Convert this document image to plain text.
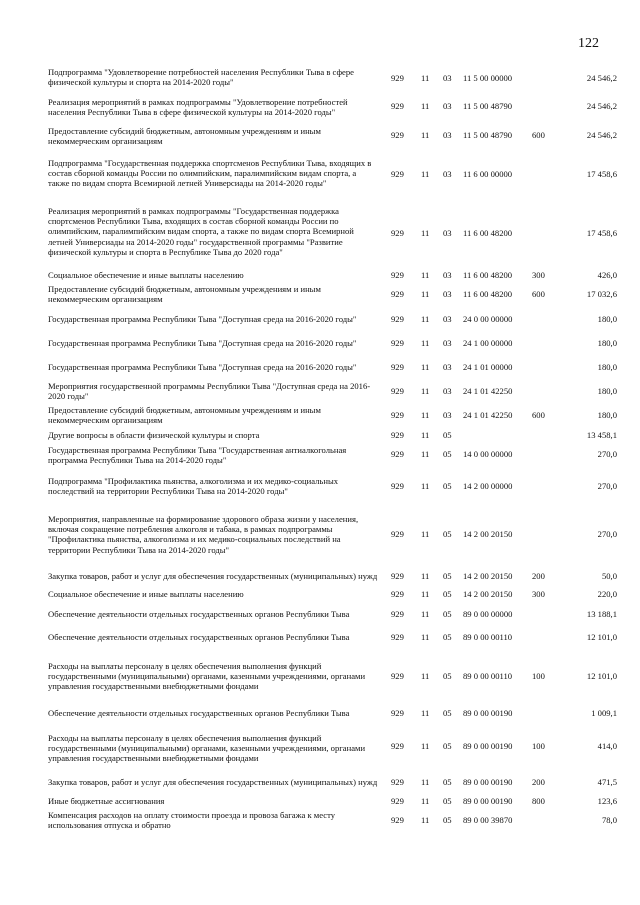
122
Подпрограмма "Удовлетворение потребностей населения Республики Тыва в сфере физической культуры и спорта на 2014-2020 годы"	929	11	03	11 5 00 00000	24 546,2
Реализация мероприятий в рамках подпрограммы "Удовлетворение потребностей населения Республики Тыва в сфере физической культуры на 2014-2020 годы"
929	11	03	11 5 00 48790	24 546,2
Предоставление субсидий бюджетным, автономным учреждениям и иным некоммерческим организациям
929	11	03	11 5 00 48790	600	24 546,2
Подпрограмма "Государственная поддержка спортсменов Республики Тыва, входящих в состав сборной команды России по олимпийским, паралимпийским видам спорта, а также по видам спорта Всемирной летней Универсиады на 2014-2020 годы"
929	11	03	11 6 00 00000	17 458,6
Реализация мероприятий в рамках подпрограммы "Государственная поддержка спортсменов Республики Тыва, входящих в состав сборной команды России по олимпийским, паралимпийским видам спорта, а также по видам спорта Всемирной летней Универсиады на 2014-2020 годы" государственной программы "Развитие физической культуры и спорта в Республике Тыва до 2020 года"
929	11	03	11 6 00 48200	17 458,6
Социальное обеспечение и иные выплаты населению	929	11	03	11 6 00 48200	300	426,0
Предоставление субсидий бюджетным, автономным учреждениям и иным некоммерческим организациям
929	11	03	11 6 00 48200	600	17 032,6
Государственная программа Республики Тыва "Доступная среда на 2016-2020 годы"	929	11	03	24 0 00 00000	180,0
Государственная программа Республики Тыва "Доступная среда на 2016-2020 годы"	929	11	03	24 1 00 00000	180,0
Государственная программа Республики Тыва "Доступная среда на 2016-2020 годы"	929	11	03	24 1 01 00000	180,0
Мероприятия государственной программы Республики Тыва "Доступная среда на 2016-2020 годы"
929	11	03	24 1 01 42250	180,0
Предоставление субсидий бюджетным, автономным учреждениям и иным некоммерческим организациям
929	11	03	24 1 01 42250	600	180,0
Другие вопросы в области физической культуры и спорта	929	11	05	13 458,1
Государственная программа Республики Тыва "Государственная антиалкогольная программа Республики Тыва на 2014-2020 годы"
929	11	05	14 0 00 00000	270,0
Подпрограмма "Профилактика пьянства, алкоголизма и их медико-социальных последствий на территории Республики Тыва на 2014-2020 годы"
929	11	05	14 2 00 00000	270,0
Мероприятия, направленные на формирование здорового образа жизни у населения, включая сокращение потребления алкоголя и табака, в рамках подпрограммы "Профилактика пьянства, алкоголизма и их медико-социальных последствий на территории Республики Тыва на 2014-2020 годы"
929	11	05	14 2 00 20150	270,0
Закупка товаров, работ и услуг для обеспечения государственных (муниципальных) нужд 929	11	05	14 2 00 20150	200	50,0
Социальное обеспечение и иные выплаты населению	929	11	05	14 2 00 20150	300	220,0
Обеспечение деятельности отдельных государственных органов Республики Тыва	929	11	05	89 0 00 00000	13 188,1
Обеспечение деятельности отдельных государственных органов Республики Тыва	929	11	05	89 0 00 00110	12 101,0
Расходы на выплаты персоналу в целях обеспечения выполнения функций государственными (муниципальными) органами, казенными учреждениями, органами управления государственными внебюджетными фондами
929	11	05	89 0 00 00110	100	12 101,0
Обеспечение деятельности отдельных государственных органов Республики Тыва	929	11	05	89 0 00 00190	1 009,1
Расходы на выплаты персоналу в целях обеспечения выполнения функций государственными (муниципальными) органами, казенными учреждениями, органами управления государственными внебюджетными фондами
929	11	05	89 0 00 00190	100	414,0
Закупка товаров, работ и услуг для обеспечения государственных (муниципальных) нужд 929	11	05	89 0 00 00190	200	471,5
Иные бюджетные ассигнования	929	11	05	89 0 00 00190	800	123,6
Компенсация расходов на оплату стоимости проезда и провоза багажа к месту использования отпуска и обратно
929	11	05	89 0 00 39870	78,0
